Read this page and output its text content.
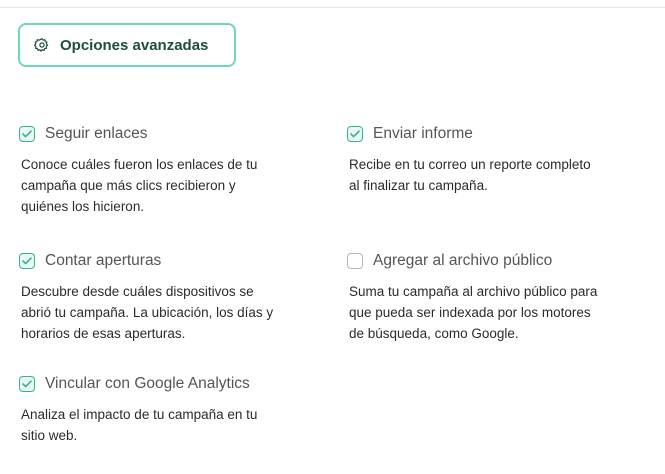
Opciones avanzadas
Seguir enlaces

Conoce cuáles fueron los enlaces de tu
campaña que más clics recibieron y
quiénes los hicieron.

Enviar informe

Recibe en tu correo un reporte completo
al finalizar tu campaña.

Contar aperturas

Descubre desde cuáles dispositivos se
abrió tu campaña. La ubicación, los días y
horarios de esas aperturas.

Agregar al archivo público

Suma tu campaña al archivo público para
que pueda ser indexada por los motores
de búsqueda, como Google.

Vincular con Google Analytics

Analiza el impacto de tu campaña en tu
sitio web.
